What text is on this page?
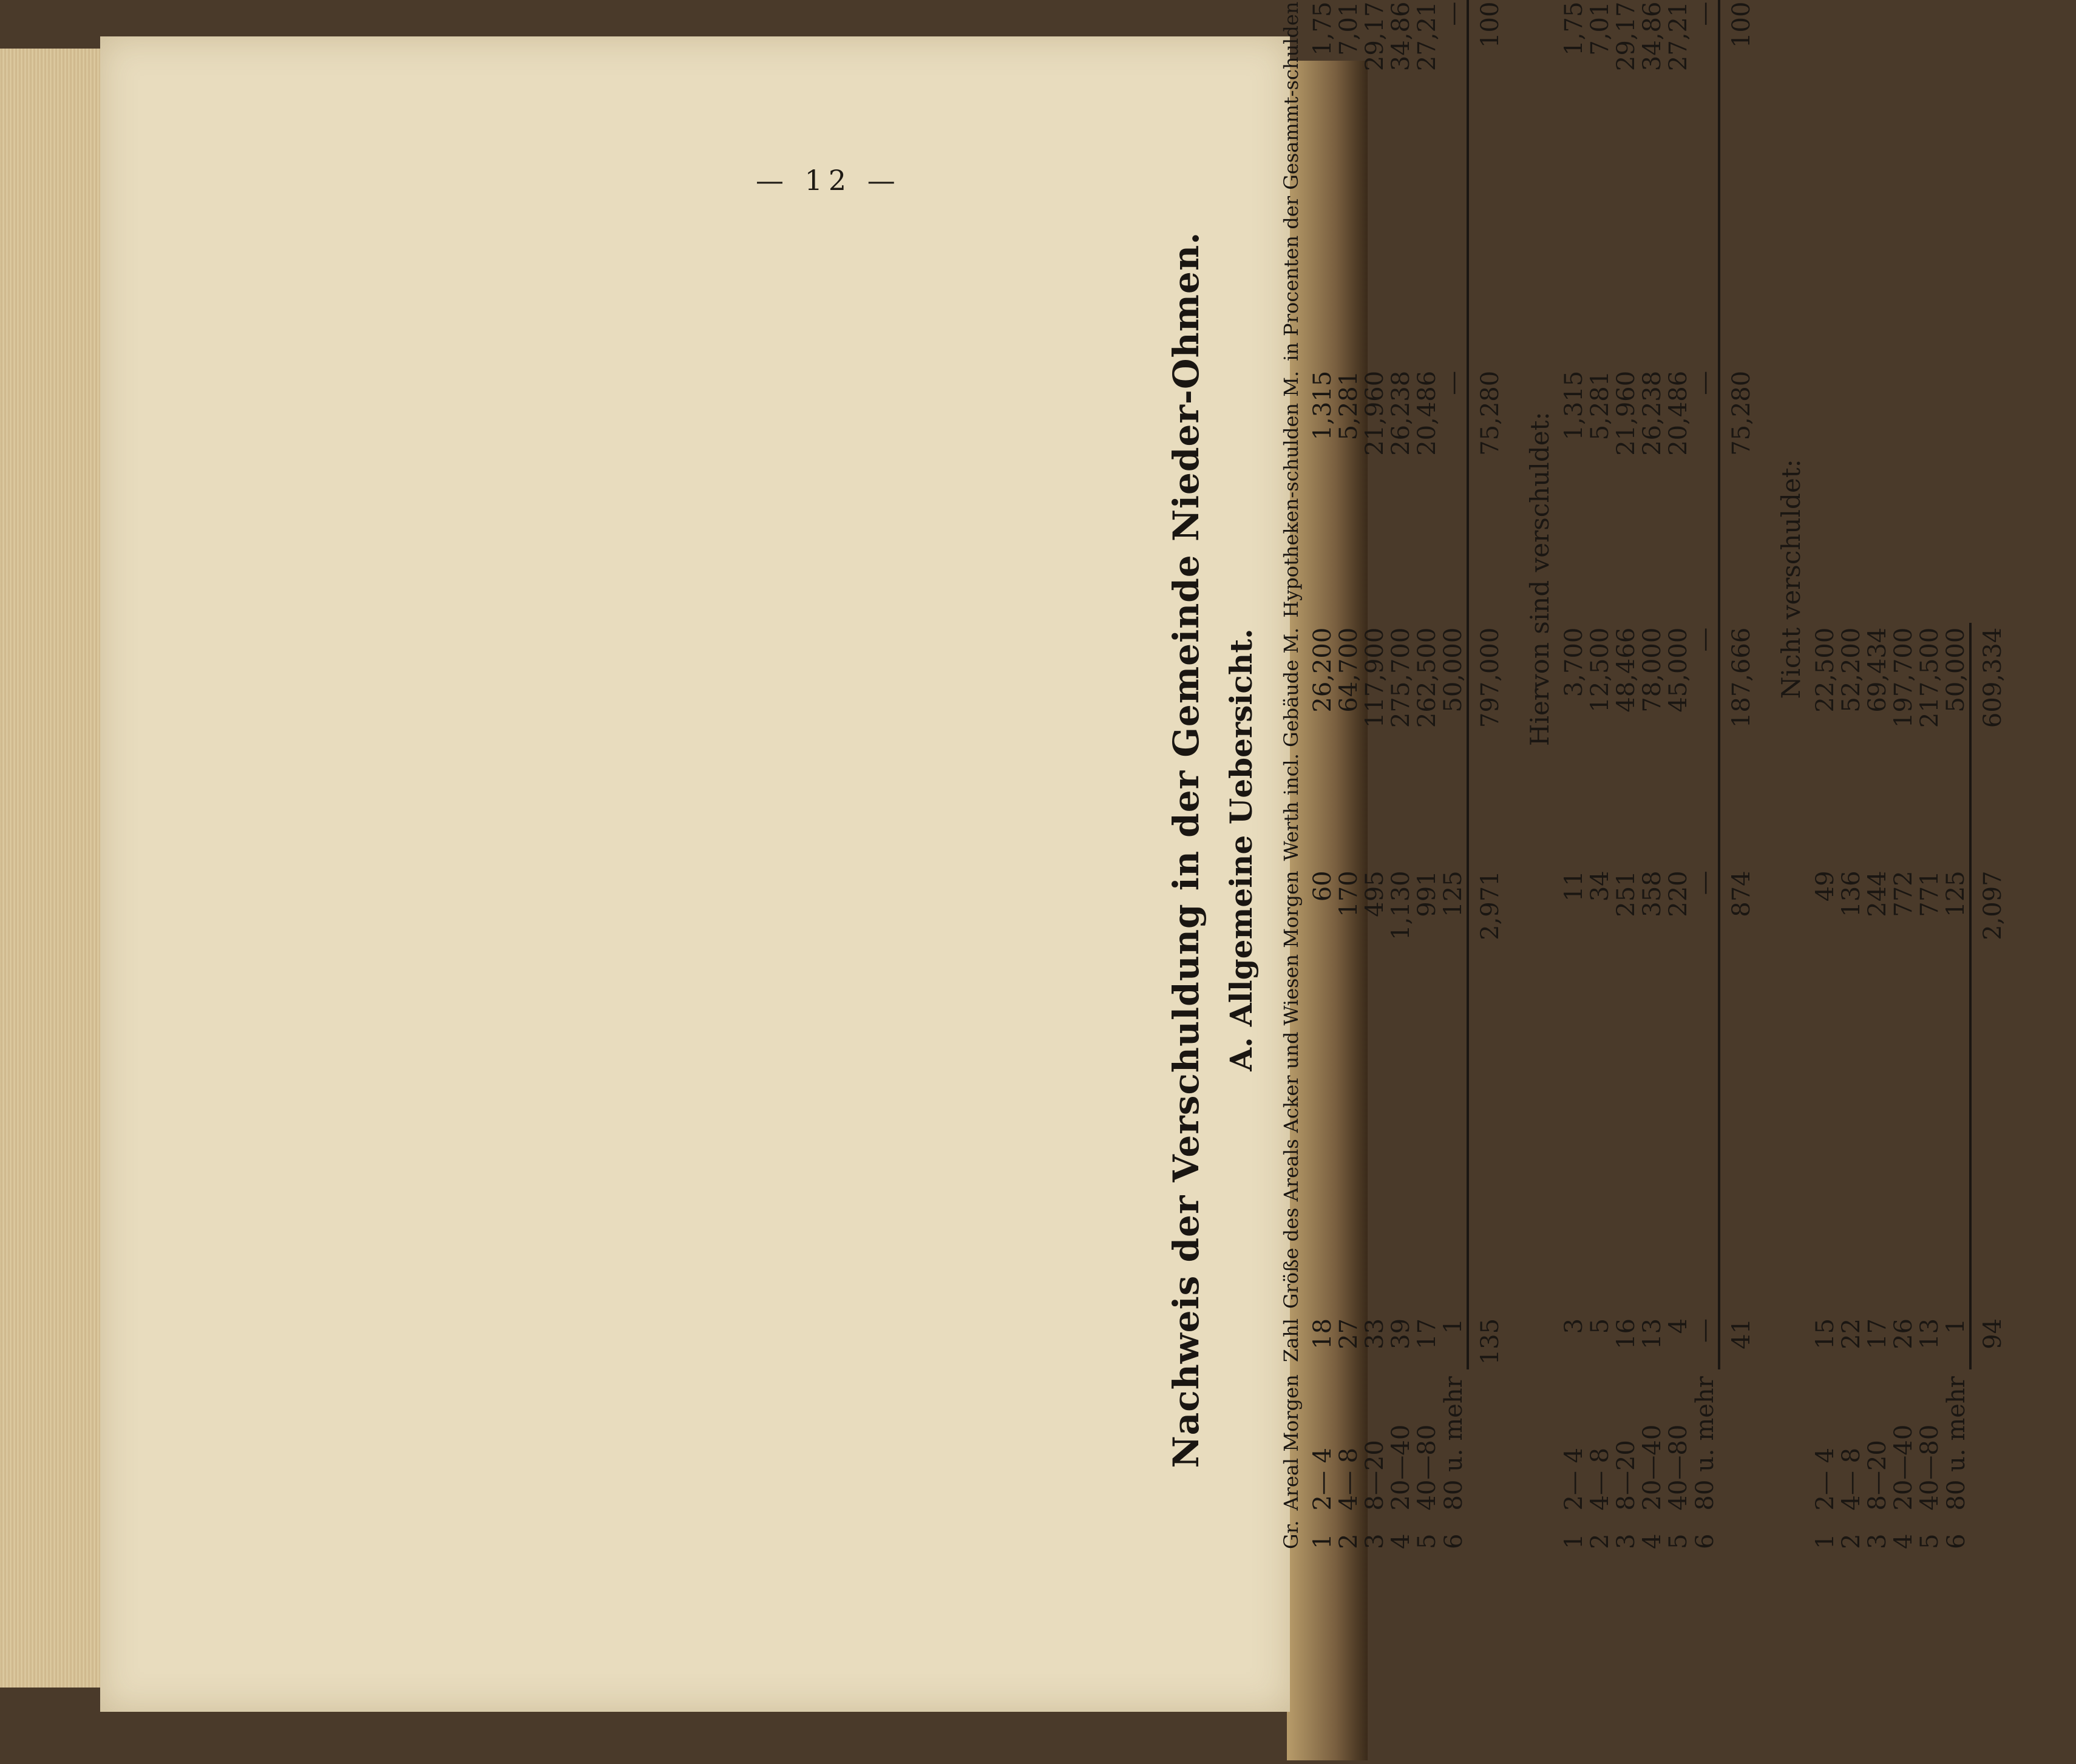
— 12 —
Nachweis der Verschuldung in der Gemeinde Nieder-Ohmen. A. Allgemeine Uebersicht.
Gr.	Areal Morgen	Zahl	Größe des Areals Acker und Wiesen Morgen	Werth incl. Gebäude M.	Hypotheken-schulden M.	in Procenten der Gesammt-schulden	
1	2— 4	18	60	26,200	1,315	1,75	
2	4— 8	27	170	64,700	5,281	7,01	
3	8—20	33	495	117,900	21,960	29,17	
4	20—40	39	1,130	275,700	26,238	34,86	
5	40—80	17	991	262,500	20,486	27,21	
6	80 u. mehr	1	125	50,000	—	—	
		135	2,971	797,000	75,280	100	
Hiervon sind verschuldet:							
1	2— 4	3	11	3,700	1,315	1,75	
2	4— 8	5	34	12,500	5,281	7,01	
3	8—20	16	251	48,466	21,960	29,17	
4	20—40	13	358	78,000	26,238	34,86	
5	40—80	4	220	45,000	20,486	27,21	
6	80 u. mehr	—	—	—	—	—	
		41	874	187,666	75,280	100	
Nicht verschuldet:							
1	2— 4	15	49	22,500			
2	4— 8	22	136	52,200			
3	8—20	17	244	69,434			
4	20—40	26	772	197,700			
5	40—80	13	771	217,500			
6	80 u. mehr	1	125	50,000			
		94	2,097	609,334			
